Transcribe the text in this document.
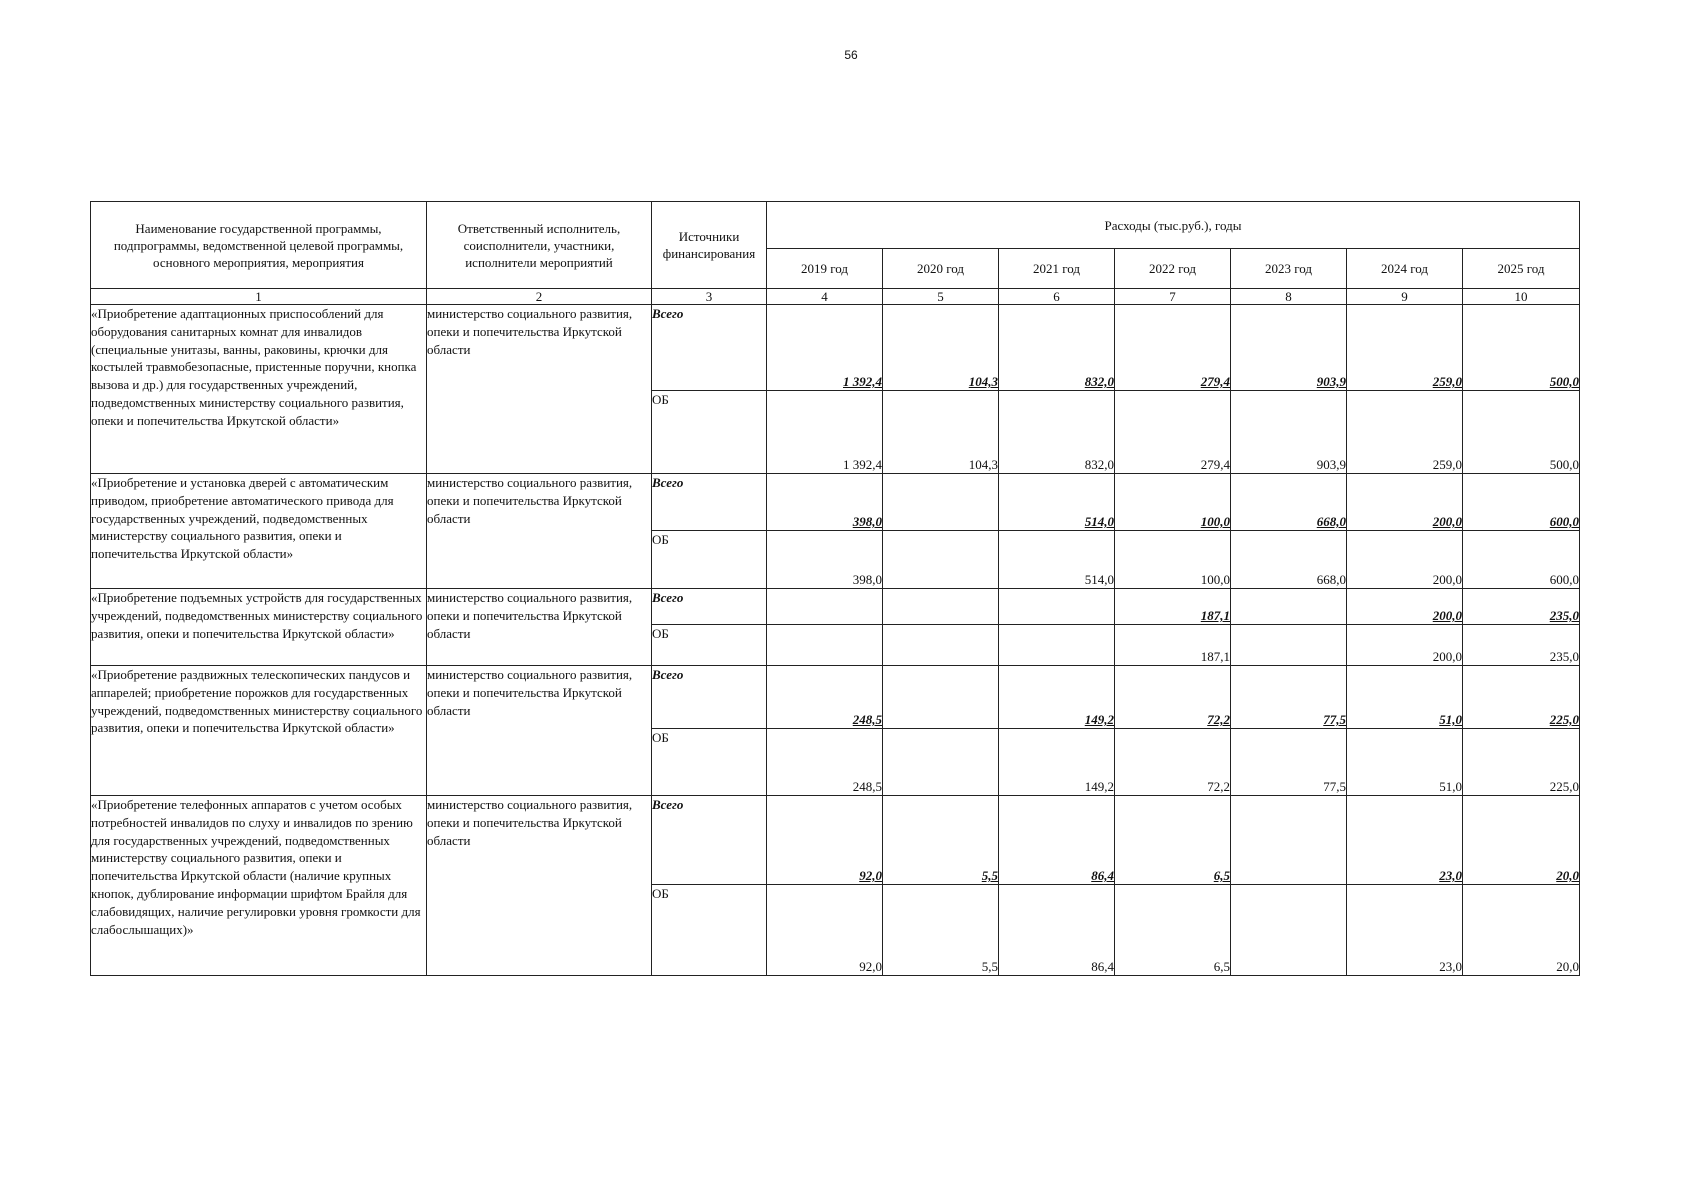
56
Наименование государственной программы, подпрограммы, ведомственной целевой программы, основного мероприятия, мероприятия	Ответственный исполнитель, соисполнители, участники, исполнители мероприятий	Источники финансирования	Расходы (тыс.руб.), годы						
			2019 год	2020 год	2021 год	2022 год	2023 год	2024 год	2025 год
1	2	3	4	5	6	7	8	9	10
«Приобретение адаптационных приспособлений для оборудования санитарных комнат для инвалидов (специальные унитазы, ванны, раковины, крючки для костылей травмобезопасные, пристенные поручни, кнопка вызова и др.) для государственных учреждений, подведомственных министерству социального развития, опеки и попечительства Иркутской области»	министерство социального развития, опеки и попечительства Иркутской области	Всего	1 392,4	104,3	832,0	279,4	903,9	259,0	500,0
		ОБ	1 392,4	104,3	832,0	279,4	903,9	259,0	500,0
«Приобретение и установка дверей с автоматическим приводом, приобретение автоматического привода для государственных учреждений, подведомственных министерству социального развития, опеки и попечительства Иркутской области»	министерство социального развития, опеки и попечительства Иркутской области	Всего	398,0		514,0	100,0	668,0	200,0	600,0
		ОБ	398,0		514,0	100,0	668,0	200,0	600,0
«Приобретение подъемных устройств для государственных учреждений, подведомственных министерству социального развития, опеки и попечительства Иркутской области»	министерство социального развития, опеки и попечительства Иркутской области	Всего				187,1		200,0	235,0
		ОБ				187,1		200,0	235,0
«Приобретение раздвижных телескопических пандусов и аппарелей; приобретение порожков для государственных учреждений, подведомственных министерству социального развития, опеки и попечительства Иркутской области»	министерство социального развития, опеки и попечительства Иркутской области	Всего	248,5		149,2	72,2	77,5	51,0	225,0
		ОБ	248,5		149,2	72,2	77,5	51,0	225,0
«Приобретение телефонных аппаратов с учетом особых потребностей инвалидов по слуху и инвалидов по зрению для государственных учреждений, подведомственных министерству социального развития, опеки и попечительства Иркутской области (наличие крупных кнопок, дублирование информации шрифтом Брайля для слабовидящих, наличие регулировки уровня громкости для слабослышащих)»	министерство социального развития, опеки и попечительства Иркутской области	Всего	92,0	5,5	86,4	6,5		23,0	20,0
		ОБ	92,0	5,5	86,4	6,5		23,0	20,0
